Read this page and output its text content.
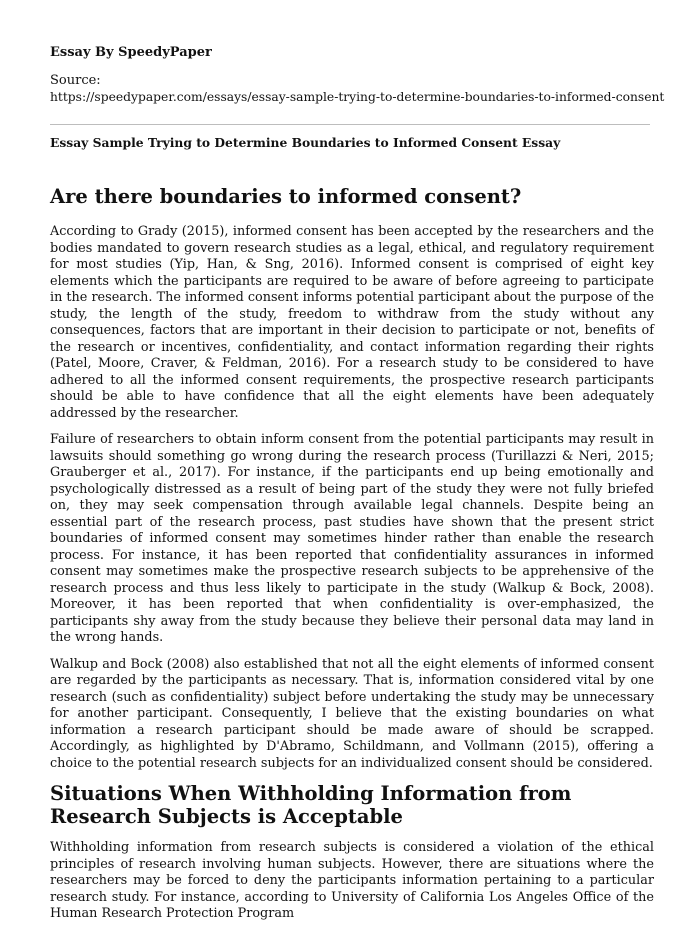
Essay By SpeedyPaper
Source:
https://speedypaper.com/essays/essay-sample-trying-to-determine-boundaries-to-informed-consent
Essay Sample Trying to Determine Boundaries to Informed Consent Essay
Are there boundaries to informed consent?

According to Grady (2015), informed consent has been accepted by the researchers and the bodies mandated to govern research studies as a legal, ethical, and regulatory requirement for most studies (Yip, Han, & Sng, 2016). Informed consent is comprised of eight key elements which the participants are required to be aware of before agreeing to participate in the research. The informed consent informs potential participant about the purpose of the study, the length of the study, freedom to withdraw from the study without any consequences, factors that are important in their decision to participate or not, benefits of the research or incentives, confidentiality, and contact information regarding their rights (Patel, Moore, Craver, & Feldman, 2016). For a research study to be considered to have adhered to all the informed consent requirements, the prospective research participants should be able to have confidence that all the eight elements have been adequately addressed by the researcher.

Failure of researchers to obtain inform consent from the potential participants may result in lawsuits should something go wrong during the research process (Turillazzi & Neri, 2015; Grauberger et al., 2017). For instance, if the participants end up being emotionally and psychologically distressed as a result of being part of the study they were not fully briefed on, they may seek compensation through available legal channels. Despite being an essential part of the research process, past studies have shown that the present strict boundaries of informed consent may sometimes hinder rather than enable the research process. For instance, it has been reported that confidentiality assurances in informed consent may sometimes make the prospective research subjects to be apprehensive of the research process and thus less likely to participate in the study (Walkup & Bock, 2008). Moreover, it has been reported that when confidentiality is over-emphasized, the participants shy away from the study because they believe their personal data may land in the wrong hands.

Walkup and Bock (2008) also established that not all the eight elements of informed consent are regarded by the participants as necessary. That is, information considered vital by one research (such as confidentiality) subject before undertaking the study may be unnecessary for another participant. Consequently, I believe that the existing boundaries on what information a research participant should be made aware of should be scrapped. Accordingly, as highlighted by D'Abramo, Schildmann, and Vollmann (2015), offering a choice to the potential research subjects for an individualized consent should be considered.

Situations When Withholding Information from Research Subjects is Acceptable

Withholding information from research subjects is considered a violation of the ethical principles of research involving human subjects. However, there are situations where the researchers may be forced to deny the participants information pertaining to a particular research study. For instance, according to University of California Los Angeles Office of the Human Research Protection Program
